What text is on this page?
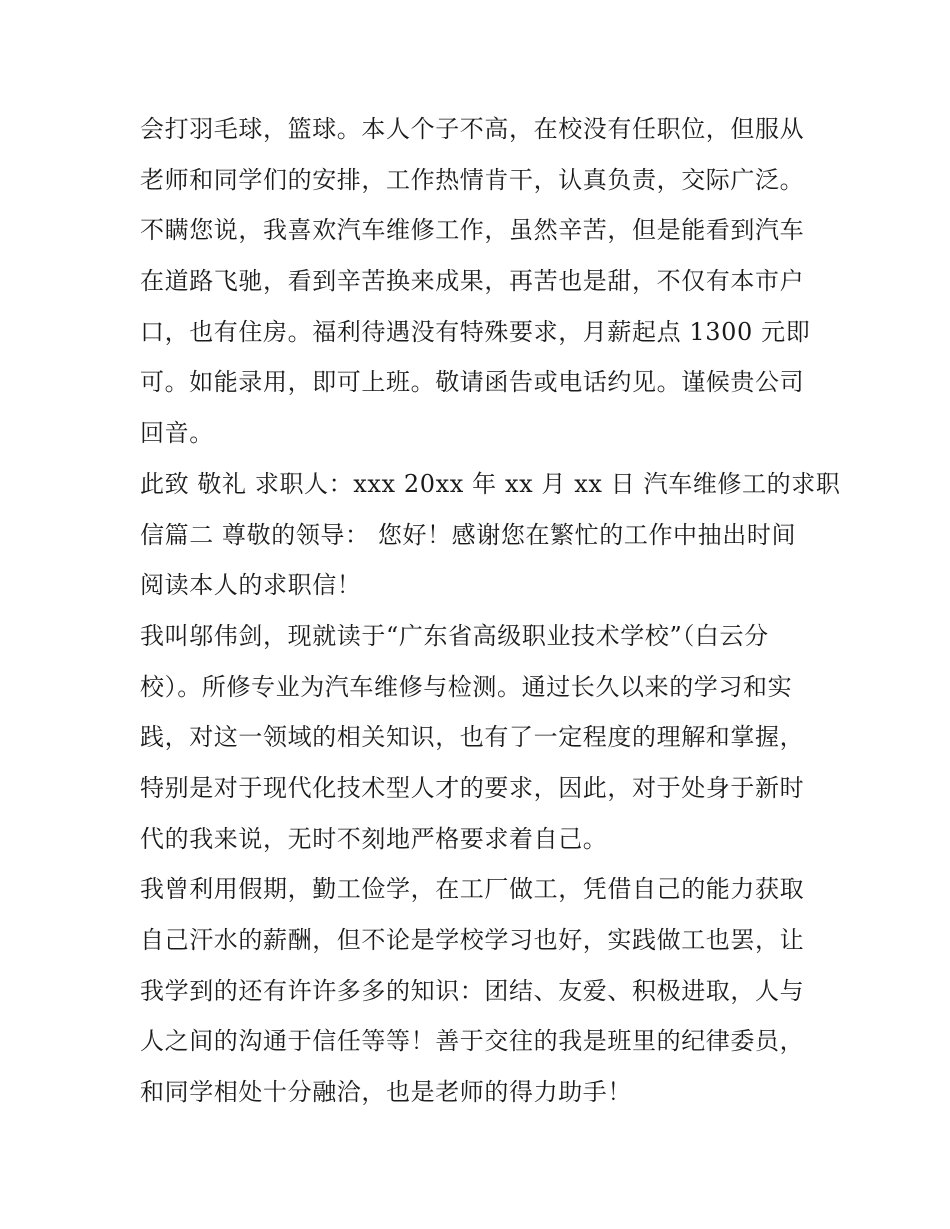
会打羽毛球，篮球。本人个子不高，在校没有任职位，但服从
老师和同学们的安排，工作热情肯干，认真负责，交际广泛。
不瞒您说，我喜欢汽车维修工作，虽然辛苦，但是能看到汽车
在道路飞驰，看到辛苦换来成果，再苦也是甜，不仅有本市户
口，也有住房。福利待遇没有特殊要求，月薪起点 1300 元即
可。如能录用，即可上班。敬请函告或电话约见。谨候贵公司
回音。
此致 敬礼 求职人：xxx 20xx 年 xx 月 xx 日 汽车维修工的求职
信篇二 尊敬的领导： 您好！感谢您在繁忙的工作中抽出时间
阅读本人的求职信！
我叫邬伟剑，现就读于“广东省高级职业技术学校”（白云分
校）。所修专业为汽车维修与检测。通过长久以来的学习和实
践，对这一领域的相关知识，也有了一定程度的理解和掌握，
特别是对于现代化技术型人才的要求，因此，对于处身于新时
代的我来说，无时不刻地严格要求着自己。
我曾利用假期，勤工俭学，在工厂做工，凭借自己的能力获取
自己汗水的薪酬，但不论是学校学习也好，实践做工也罢，让
我学到的还有许许多多的知识：团结、友爱、积极进取，人与
人之间的沟通于信任等等！善于交往的我是班里的纪律委员，
和同学相处十分融洽，也是老师的得力助手！
